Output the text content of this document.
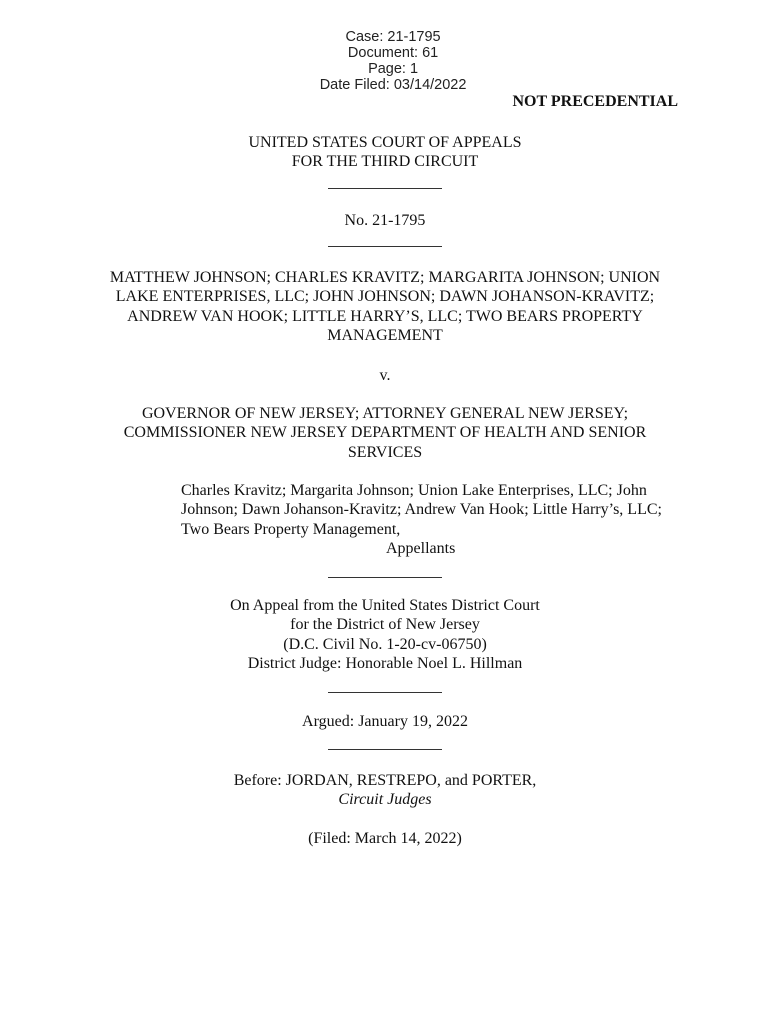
Case: 21-1795
Document: 61
Page: 1
Date Filed: 03/14/2022

NOT PRECEDENTIAL
UNITED STATES COURT OF APPEALS
FOR THE THIRD CIRCUIT
No. 21-1795
MATTHEW JOHNSON; CHARLES KRAVITZ; MARGARITA JOHNSON; UNION
LAKE ENTERPRISES, LLC; JOHN JOHNSON; DAWN JOHANSON-KRAVITZ;
ANDREW VAN HOOK; LITTLE HARRY’S, LLC; TWO BEARS PROPERTY
MANAGEMENT
v.
GOVERNOR OF NEW JERSEY; ATTORNEY GENERAL NEW JERSEY;
COMMISSIONER NEW JERSEY DEPARTMENT OF HEALTH AND SENIOR
SERVICES
Charles Kravitz; Margarita Johnson; Union Lake Enterprises, LLC; John
Johnson; Dawn Johanson-Kravitz; Andrew Van Hook; Little Harry’s, LLC;
Two Bears Property Management,
Appellants
On Appeal from the United States District Court
for the District of New Jersey
(D.C. Civil No. 1-20-cv-06750)
District Judge: Honorable Noel L. Hillman
Argued: January 19, 2022
Before: JORDAN, RESTREPO, and PORTER,
Circuit Judges
(Filed: March 14, 2022)
